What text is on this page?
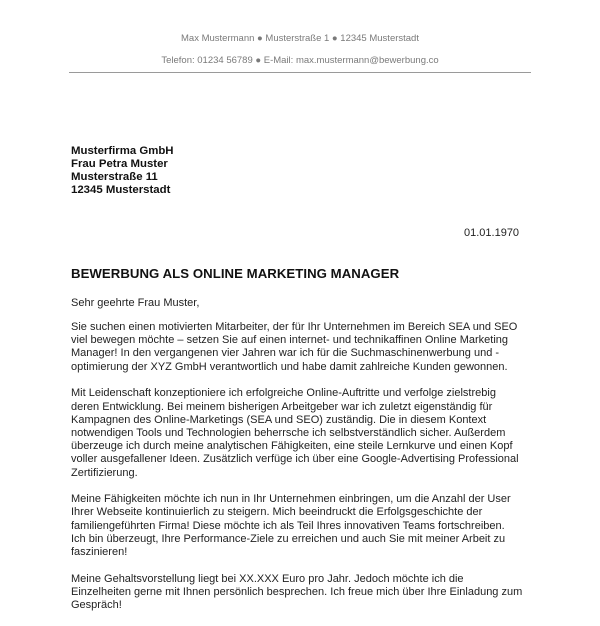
Max Mustermann ● Musterstraße 1 ● 12345 Musterstadt
Telefon: 01234 56789 ● E-Mail: max.mustermann@bewerbung.co
Musterfirma GmbH
Frau Petra Muster
Musterstraße 11
12345 Musterstadt
01.01.1970
BEWERBUNG ALS ONLINE MARKETING MANAGER
Sehr geehrte Frau Muster,

Sie suchen einen motivierten Mitarbeiter, der für Ihr Unternehmen im Bereich SEA und SEO
viel bewegen möchte – setzen Sie auf einen internet- und technikaffinen Online Marketing
Manager! In den vergangenen vier Jahren war ich für die Suchmaschinenwerbung und -
optimierung der XYZ GmbH verantwortlich und habe damit zahlreiche Kunden gewonnen.

Mit Leidenschaft konzeptioniere ich erfolgreiche Online-Auftritte und verfolge zielstrebig
deren Entwicklung. Bei meinem bisherigen Arbeitgeber war ich zuletzt eigenständig für
Kampagnen des Online-Marketings (SEA und SEO) zuständig. Die in diesem Kontext
notwendigen Tools und Technologien beherrsche ich selbstverständlich sicher. Außerdem
überzeuge ich durch meine analytischen Fähigkeiten, eine steile Lernkurve und einen Kopf
voller ausgefallener Ideen. Zusätzlich verfüge ich über eine Google-Advertising Professional
Zertifizierung.

Meine Fähigkeiten möchte ich nun in Ihr Unternehmen einbringen, um die Anzahl der User
Ihrer Webseite kontinuierlich zu steigern. Mich beeindruckt die Erfolgsgeschichte der
familiengeführten Firma! Diese möchte ich als Teil Ihres innovativen Teams fortschreiben.
Ich bin überzeugt, Ihre Performance-Ziele zu erreichen und auch Sie mit meiner Arbeit zu
faszinieren!

Meine Gehaltsvorstellung liegt bei XX.XXX Euro pro Jahr. Jedoch möchte ich die
Einzelheiten gerne mit Ihnen persönlich besprechen. Ich freue mich über Ihre Einladung zum
Gespräch!
